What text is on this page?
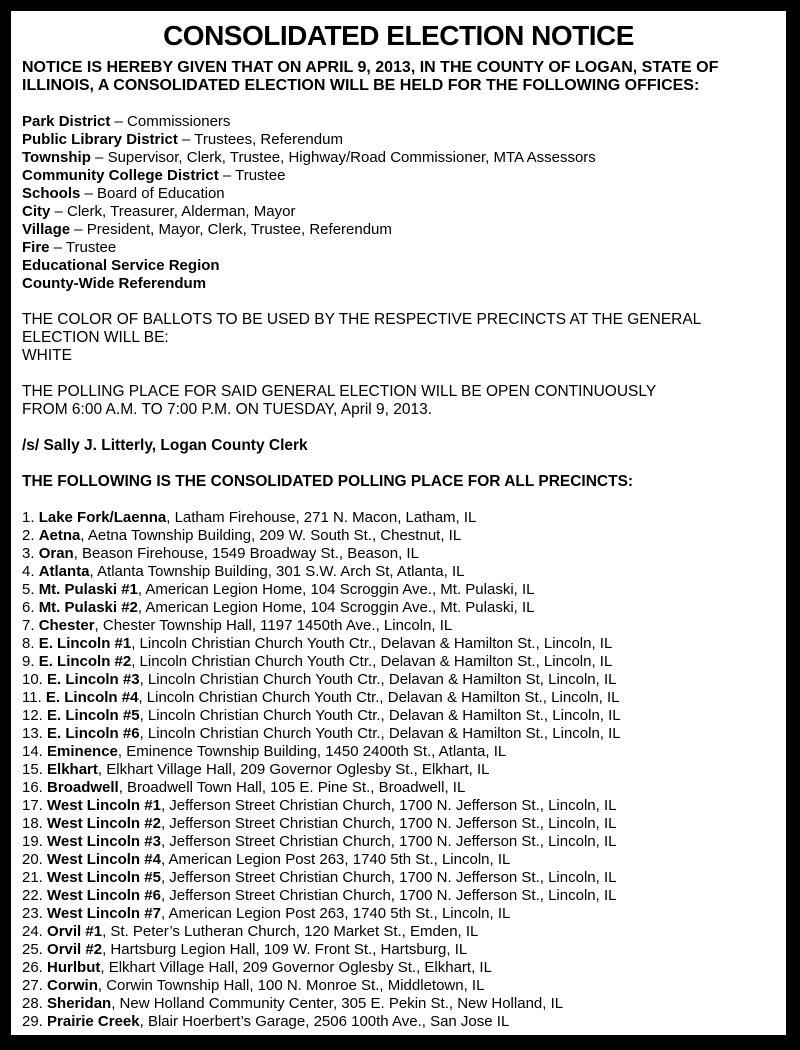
CONSOLIDATED ELECTION NOTICE
NOTICE IS HEREBY GIVEN THAT ON APRIL 9, 2013, IN THE COUNTY OF LOGAN, STATE OF
ILLINOIS, A CONSOLIDATED ELECTION WILL BE HELD FOR THE FOLLOWING OFFICES:
Park District – Commissioners
Public Library District – Trustees, Referendum
Township – Supervisor, Clerk, Trustee, Highway/Road Commissioner, MTA Assessors
Community College District – Trustee
Schools – Board of Education
City – Clerk, Treasurer, Alderman, Mayor
Village – President, Mayor, Clerk, Trustee, Referendum
Fire – Trustee
Educational Service Region
County-Wide Referendum
THE COLOR OF BALLOTS TO BE USED BY THE RESPECTIVE PRECINCTS AT THE GENERAL
ELECTION WILL BE:
WHITE
THE POLLING PLACE FOR SAID GENERAL ELECTION WILL BE OPEN CONTINUOUSLY
FROM 6:00 A.M. TO 7:00 P.M. ON TUESDAY, April 9, 2013.
/s/ Sally J. Litterly, Logan County Clerk
THE FOLLOWING IS THE CONSOLIDATED POLLING PLACE FOR ALL PRECINCTS:
1. Lake Fork/Laenna, Latham Firehouse, 271 N. Macon, Latham, IL
2. Aetna, Aetna Township Building, 209 W. South St., Chestnut, IL
3. Oran, Beason Firehouse, 1549 Broadway St., Beason, IL
4. Atlanta, Atlanta Township Building, 301 S.W. Arch St, Atlanta, IL
5. Mt. Pulaski #1, American Legion Home, 104 Scroggin Ave., Mt. Pulaski, IL
6. Mt. Pulaski #2, American Legion Home, 104 Scroggin Ave., Mt. Pulaski, IL
7. Chester, Chester Township Hall, 1197 1450th Ave., Lincoln, IL
8. E. Lincoln #1, Lincoln Christian Church Youth Ctr., Delavan & Hamilton St., Lincoln, IL
9. E. Lincoln #2, Lincoln Christian Church Youth Ctr., Delavan & Hamilton St., Lincoln, IL
10. E. Lincoln #3, Lincoln Christian Church Youth Ctr., Delavan & Hamilton St, Lincoln, IL
11. E. Lincoln #4, Lincoln Christian Church Youth Ctr., Delavan & Hamilton St., Lincoln, IL
12. E. Lincoln #5, Lincoln Christian Church Youth Ctr., Delavan & Hamilton St., Lincoln, IL
13. E. Lincoln #6, Lincoln Christian Church Youth Ctr., Delavan & Hamilton St., Lincoln, IL
14. Eminence, Eminence Township Building, 1450 2400th St., Atlanta, IL
15. Elkhart, Elkhart Village Hall, 209 Governor Oglesby St., Elkhart, IL
16. Broadwell, Broadwell Town Hall, 105 E. Pine St., Broadwell, IL
17. West Lincoln #1, Jefferson Street Christian Church, 1700 N. Jefferson St., Lincoln, IL
18. West Lincoln #2, Jefferson Street Christian Church, 1700 N. Jefferson St., Lincoln, IL
19. West Lincoln #3, Jefferson Street Christian Church, 1700 N. Jefferson St., Lincoln, IL
20. West Lincoln #4, American Legion Post 263, 1740 5th St., Lincoln, IL
21. West Lincoln #5, Jefferson Street Christian Church, 1700 N. Jefferson St., Lincoln, IL
22. West Lincoln #6, Jefferson Street Christian Church, 1700 N. Jefferson St., Lincoln, IL
23. West Lincoln #7, American Legion Post 263, 1740 5th St., Lincoln, IL
24. Orvil #1, St. Peter’s Lutheran Church, 120 Market St., Emden, IL
25. Orvil #2, Hartsburg Legion Hall, 109 W. Front St., Hartsburg, IL
26. Hurlbut, Elkhart Village Hall, 209 Governor Oglesby St., Elkhart, IL
27. Corwin, Corwin Township Hall, 100 N. Monroe St., Middletown, IL
28. Sheridan, New Holland Community Center, 305 E. Pekin St., New Holland, IL
29. Prairie Creek, Blair Hoerbert’s Garage, 2506 100th Ave., San Jose IL
